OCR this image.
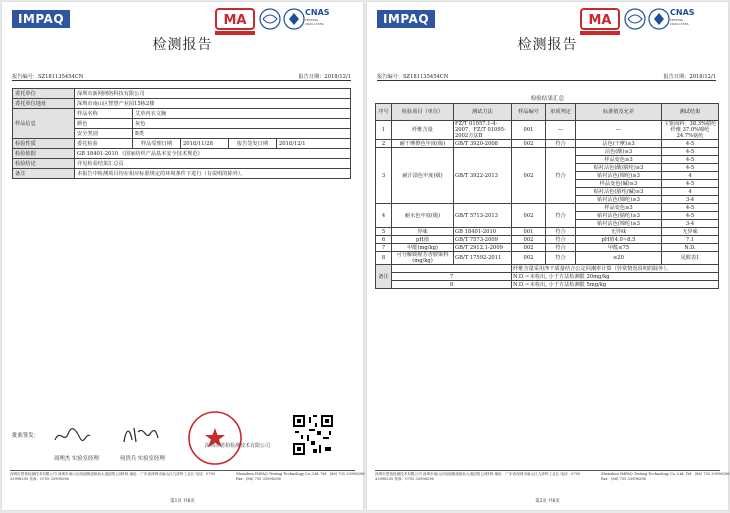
IMPAQ	MA
CNAS
TESTING
CNAS L5556
检测报告
报告编号：SZ181135454CN	报告日期：2018/12/1
委托单位	深圳市新网网络科技有限公司				
委托单位地址	深圳市南山区智慧产业园15栋2楼				
样品信息	样品名称	艾草内衣文胸			
	颜色	灰色			
	安全类别	B类			
检验性质	委托检验	样品受理日期	2018/11/28	报告签发日期	2018/12/1
检验依据	GB 18401-2010 《国家纺织产品基本安全技术规范》				
检验结论	详见检验结果汇总页				
备注	本报告中检测项目均在相应标准规定的环境条件下进行（有说明的除外）。				
批准签发：
周理杰 实验室经理	何贵兵 实验室经理
深圳市恩柏检测技术有限公司
深圳市恩柏检测技术有限公司 深圳市南山区西丽街道留仙大道创智云城1栋 地址：广东省深圳市南山区九祥岭工业区 电话：0755 33998295 传真：0755 33998296
Shenzhen IMPAQ Testing Technology Co.,Ltd. Tel：(86) 755 33998296 Fax：(86) 755 33998296
第1页 共6页
IMPAQ	MA
CNAS
TESTING
CNAS L5556
检测报告
报告编号：SZ181135454CN	报告日期：2018/12/1
检验结果汇总
序号	检验项目（单位）	测试方法	样品编号	单项判定	标准值及允差	测试结果
1	纤维含量	FZ/T 01057.1-4-2007、FZ/T 01095-2002方法B	001	—	—	主要面料：38.3%腈纶纤维 37.0%锦纶 24.7%氨纶
2	耐干摩擦色牢度(级)	GB/T 3920-2008	002	符合	沾色(干摩)≥3	4-5
3	耐汗渍色牢度(级)	GB/T 3922-2013	002	符合	沾色(酸)≥3	4-5
					样品变色≥3	4-5
					贴衬沾色(酸/腈纶)≥3	4-5
					贴衬沾色(锦纶)≥3	4
					样品变色(碱)≥3	4-5
					贴衬沾色(腈纶/碱)≥3	4
					贴衬沾色(锦纶)≥3	3-4
4	耐水色牢度(级)	GB/T 5713-2013	002	符合	样品变色≥3	4-5
					贴衬沾色(腈纶)≥3	4-5
					贴衬沾色(锦纶)≥3	3-4
5	异味	GB 18401-2010	001	符合	无异味	无异味
6	pH值	GB/T 7573-2009	002	符合	pH值4.0~8.5	7.1
7	甲醛(mg/kg)	GB/T 2912.1-2009	002	符合	甲醛≤75	N.D.
8	可分解致癌芳香胺染料(mg/kg)	GB/T 17592-2011	002	符合	≤20	见附表1
备注			纤维含量采用净干质量结合公定回潮率计算（异常情况说明的除外）。			
	7		N.D.＝未检出, 小于方法检测限 20mg/kg			
	8		N.D.＝未检出, 小于方法检测限 5mg/kg			
深圳市恩柏检测技术有限公司 深圳市南山区西丽街道留仙大道创智云城1栋 地址：广东省深圳市南山区九祥岭工业区 电话：0755 33998295 传真：0755 33998296
Shenzhen IMPAQ Testing Technology Co.,Ltd. Tel：(86) 755 33998296 Fax：(86) 755 33998296
第2页 共6页
